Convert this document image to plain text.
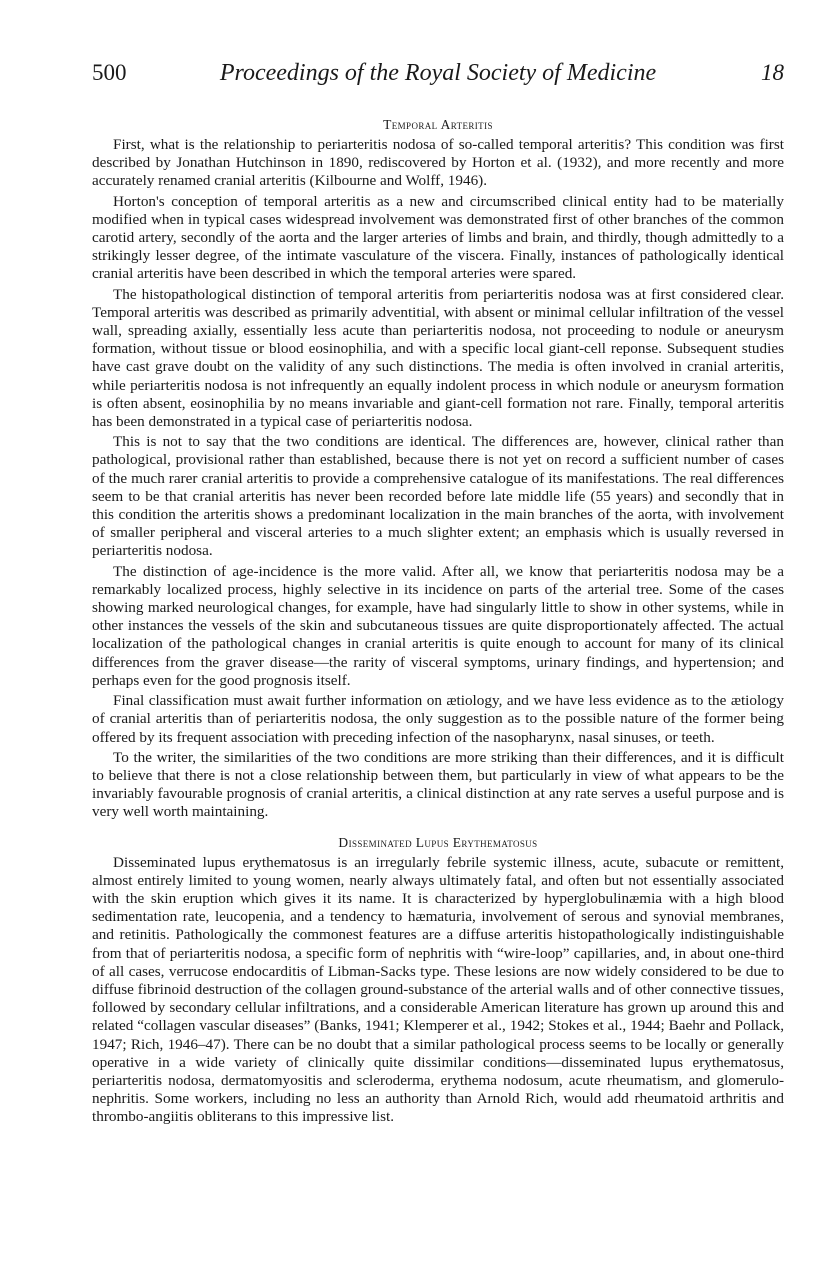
500	Proceedings of the Royal Society of Medicine	18
Temporal Arteritis

First, what is the relationship to periarteritis nodosa of so-called temporal arteritis? This condition was first described by Jonathan Hutchinson in 1890, rediscovered by Horton et al. (1932), and more recently and more accurately renamed cranial arteritis (Kilbourne and Wolff, 1946).

Horton's conception of temporal arteritis as a new and circumscribed clinical entity had to be materially modified when in typical cases widespread involvement was demonstrated first of other branches of the common carotid artery, secondly of the aorta and the larger arteries of limbs and brain, and thirdly, though admittedly to a strikingly lesser degree, of the intimate vasculature of the viscera. Finally, instances of pathologically identical cranial arteritis have been described in which the temporal arteries were spared.

The histopathological distinction of temporal arteritis from periarteritis nodosa was at first considered clear. Temporal arteritis was described as primarily adventitial, with absent or minimal cellular infiltration of the vessel wall, spreading axially, essentially less acute than periarteritis nodosa, not proceeding to nodule or aneurysm formation, without tissue or blood eosinophilia, and with a specific local giant-cell reponse. Subsequent studies have cast grave doubt on the validity of any such distinctions. The media is often involved in cranial arteritis, while periarteritis nodosa is not infrequently an equally indolent process in which nodule or aneurysm formation is often absent, eosinophilia by no means invariable and giant-cell formation not rare. Finally, temporal arteritis has been demonstrated in a typical case of periarteritis nodosa.

This is not to say that the two conditions are identical. The differences are, however, clinical rather than pathological, provisional rather than established, because there is not yet on record a sufficient number of cases of the much rarer cranial arteritis to provide a comprehensive catalogue of its manifestations. The real differences seem to be that cranial arteritis has never been recorded before late middle life (55 years) and secondly that in this condition the arteritis shows a predominant localization in the main branches of the aorta, with involvement of smaller peripheral and visceral arteries to a much slighter extent; an emphasis which is usually reversed in periarteritis nodosa.

The distinction of age-incidence is the more valid. After all, we know that periarteritis nodosa may be a remarkably localized process, highly selective in its incidence on parts of the arterial tree. Some of the cases showing marked neurological changes, for example, have had singularly little to show in other systems, while in other instances the vessels of the skin and subcutaneous tissues are quite disproportionately affected. The actual localization of the pathological changes in cranial arteritis is quite enough to account for many of its clinical differences from the graver disease—the rarity of visceral symptoms, urinary findings, and hypertension; and perhaps even for the good prognosis itself.

Final classification must await further information on ætiology, and we have less evidence as to the ætiology of cranial arteritis than of periarteritis nodosa, the only suggestion as to the possible nature of the former being offered by its frequent association with preceding infection of the nasopharynx, nasal sinuses, or teeth.

To the writer, the similarities of the two conditions are more striking than their differences, and it is difficult to believe that there is not a close relationship between them, but particularly in view of what appears to be the invariably favourable prognosis of cranial arteritis, a clinical distinction at any rate serves a useful purpose and is very well worth maintaining.

Disseminated Lupus Erythematosus

Disseminated lupus erythematosus is an irregularly febrile systemic illness, acute, subacute or remittent, almost entirely limited to young women, nearly always ultimately fatal, and often but not essentially associated with the skin eruption which gives it its name. It is characterized by hyperglobulinæmia with a high blood sedimentation rate, leucopenia, and a tendency to hæmaturia, involvement of serous and synovial membranes, and retinitis. Pathologically the commonest features are a diffuse arteritis histopathologically indistinguishable from that of periarteritis nodosa, a specific form of nephritis with “wire-loop” capillaries, and, in about one-third of all cases, verrucose endocarditis of Libman-Sacks type. These lesions are now widely considered to be due to diffuse fibrinoid destruction of the collagen ground-substance of the arterial walls and of other connective tissues, followed by secondary cellular infiltrations, and a considerable American literature has grown up around this and related “collagen vascular diseases” (Banks, 1941; Klemperer et al., 1942; Stokes et al., 1944; Baehr and Pollack, 1947; Rich, 1946–47). There can be no doubt that a similar pathological process seems to be locally or generally operative in a wide variety of clinically quite dissimilar conditions—disseminated lupus erythematosus, periarteritis nodosa, dermatomyositis and scleroderma, erythema nodosum, acute rheumatism, and glomerulonephritis. Some workers, including no less an authority than Arnold Rich, would add rheumatoid arthritis and thrombo-angiitis obliterans to this impressive list.
